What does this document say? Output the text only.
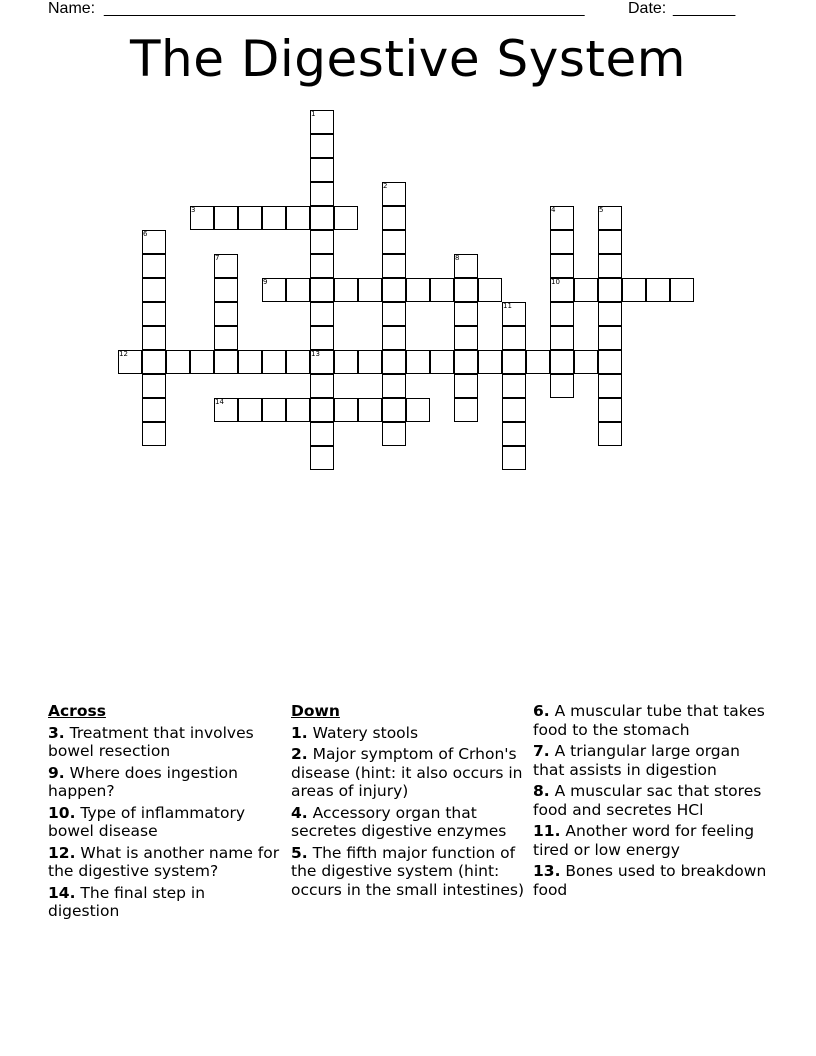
Name: ______________________________________________________	Date: _______
The Digestive System
1
2
3	4	5
6
7	8
9	10
11
12	13
14
Across
3. Treatment that involves bowel resection
9. Where does ingestion happen?
10. Type of inflammatory bowel disease
12. What is another name for the digestive system?
14. The final step in digestion
Down
1. Watery stools
2. Major symptom of Crhon's disease (hint: it also occurs in areas of injury)
4. Accessory organ that secretes digestive enzymes
5. The fifth major function of the digestive system (hint: occurs in the small intestines)
6. A muscular tube that takes food to the stomach
7. A triangular large organ that assists in digestion
8. A muscular sac that stores food and secretes HCl
11. Another word for feeling tired or low energy
13. Bones used to breakdown food
